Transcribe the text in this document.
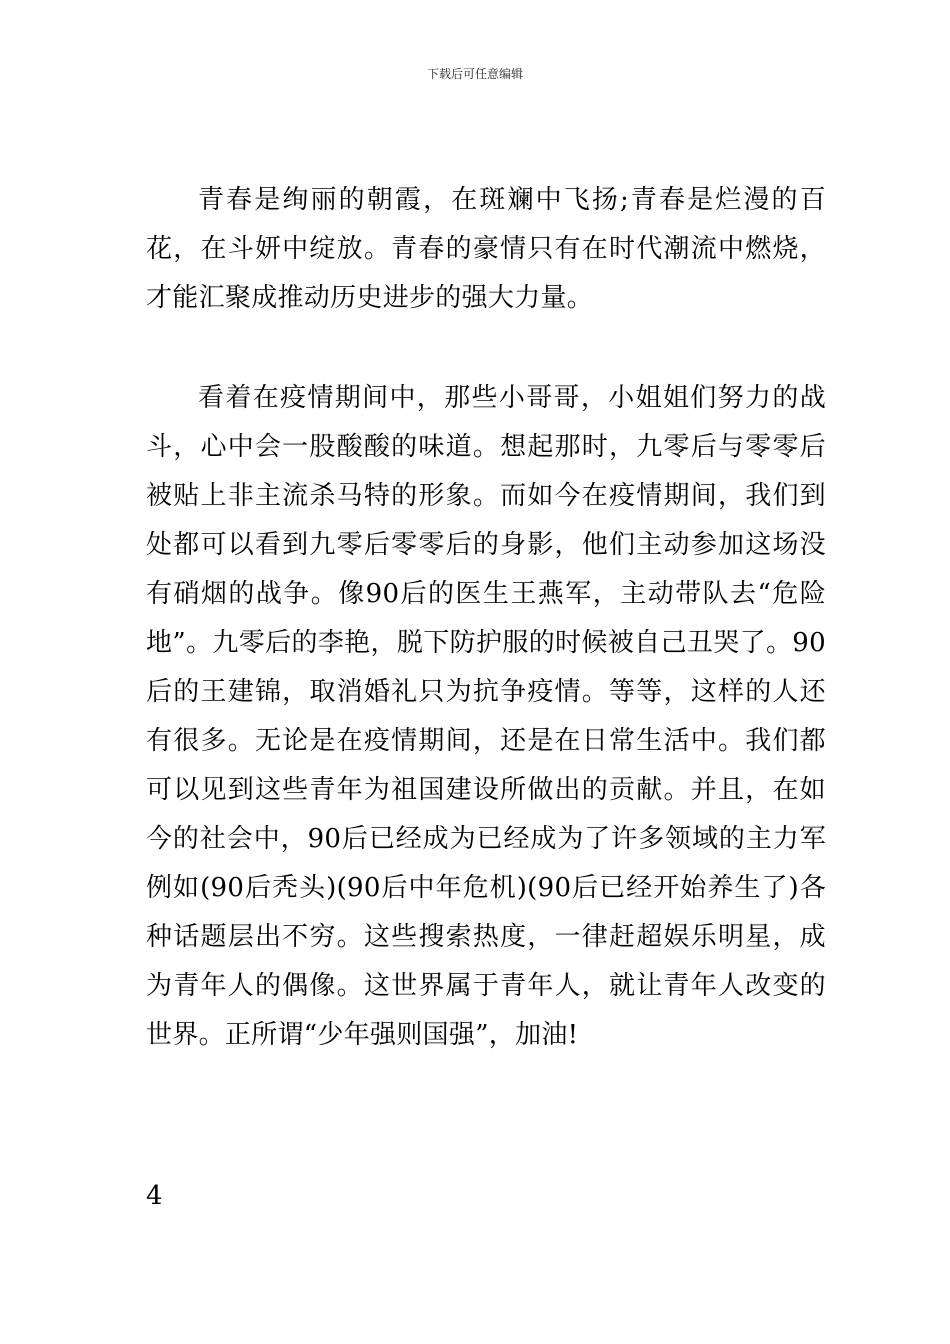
下载后可任意编辑

青春是绚丽的朝霞，在斑斓中飞扬;青春是烂漫的百花，在斗妍中绽放。青春的豪情只有在时代潮流中燃烧，才能汇聚成推动历史进步的强大力量。

看着在疫情期间中，那些小哥哥，小姐姐们努力的战斗，心中会一股酸酸的味道。想起那时，九零后与零零后被贴上非主流杀马特的形象。而如今在疫情期间，我们到处都可以看到九零后零零后的身影，他们主动参加这场没有硝烟的战争。像90后的医生王燕军，主动带队去“危险地”。九零后的李艳，脱下防护服的时候被自己丑哭了。90后的王建锦，取消婚礼只为抗争疫情。等等，这样的人还有很多。无论是在疫情期间，还是在日常生活中。我们都可以见到这些青年为祖国建设所做出的贡献。并且，在如今的社会中，90后已经成为已经成为了许多领域的主力军例如(90后秃头)(90后中年危机)(90后已经开始养生了)各种话题层出不穷。这些搜索热度，一律赶超娱乐明星，成为青年人的偶像。这世界属于青年人，就让青年人改变的世界。正所谓“少年强则国强”，加油!

4
